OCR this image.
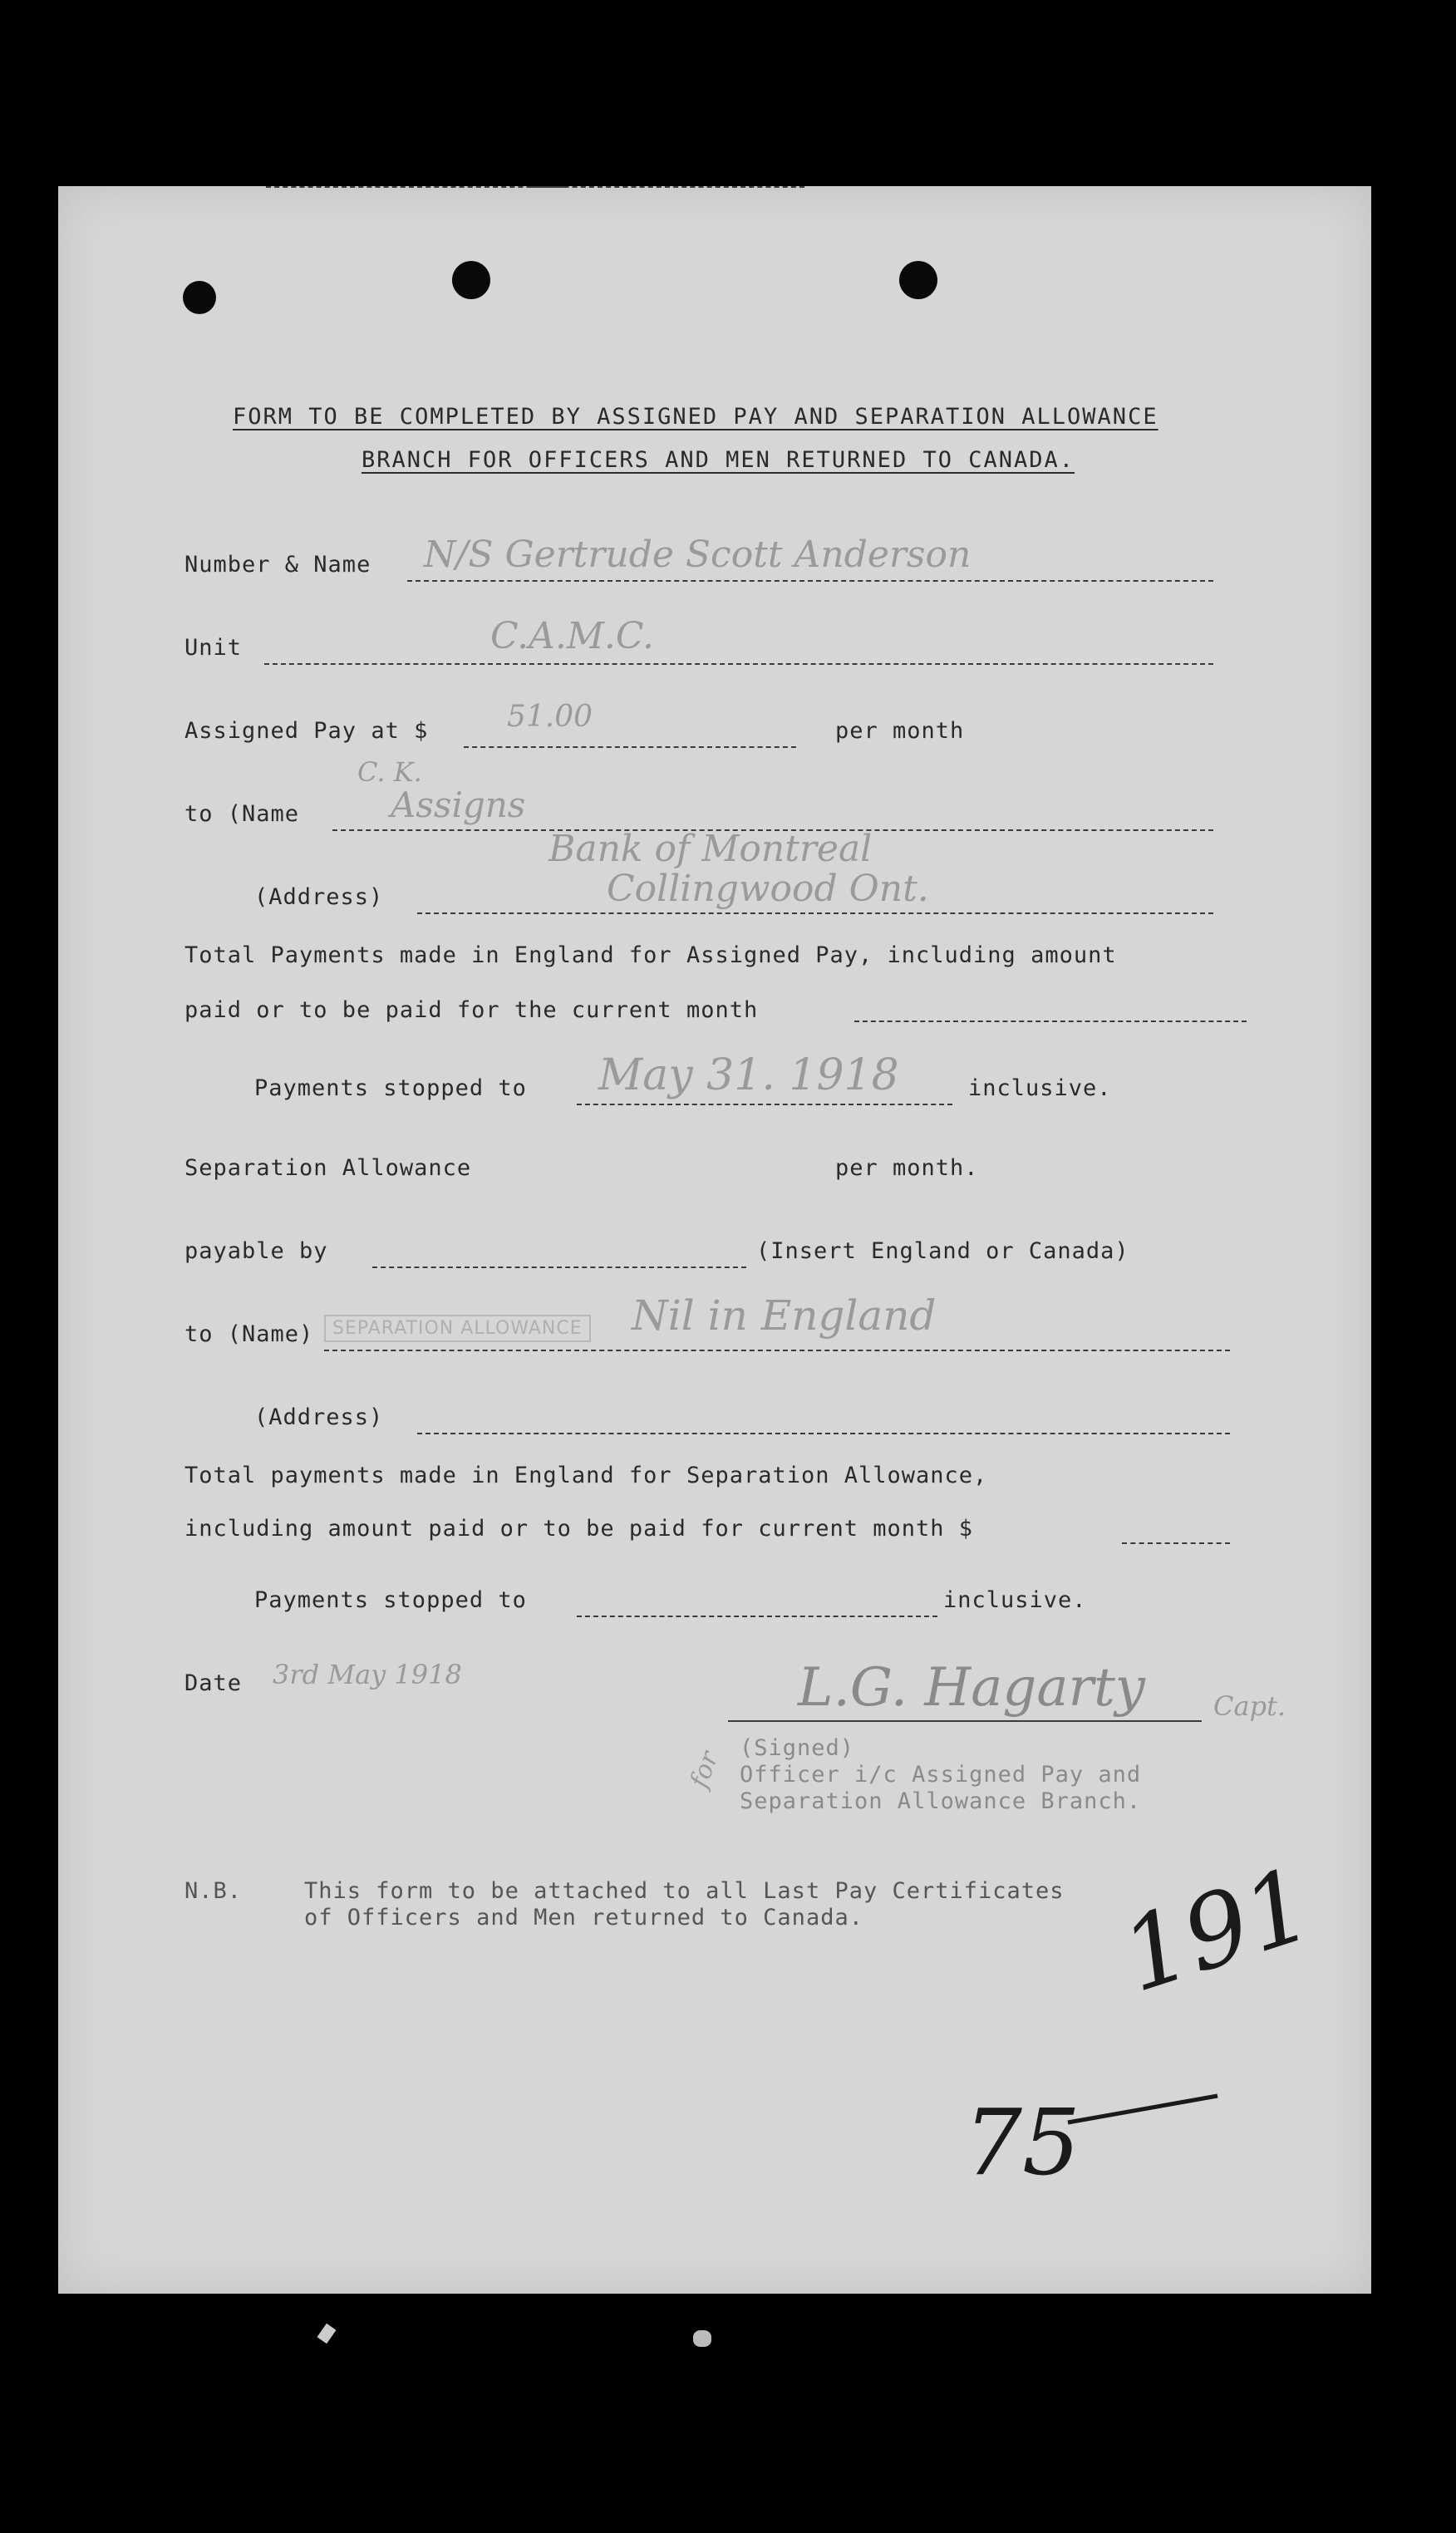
FORM TO BE COMPLETED BY ASSIGNED PAY AND SEPARATION ALLOWANCE
BRANCH FOR OFFICERS AND MEN RETURNED TO CANADA.
Number & Name N/S Gertrude Scott Anderson
Unit	C.A.M.C.
Assigned Pay at $	51.00	per month
C. K.
to (Name	Assigns
Bank of Montreal
(Address)	Collingwood Ont.
Total Payments made in England for Assigned Pay, including amount
paid or to be paid for the current month
Payments stopped to May 31. 1918	inclusive.
Separation Allowance	per month.
payable by	(Insert England or Canada)
to (Name)	SEPARATION ALLOWANCE Nil in England
(Address)
Total payments made in England for Separation Allowance,
including amount paid or to be paid for current month $
Payments stopped to	inclusive.
Date 3rd May 1918
for
L.G. Hagarty	Capt.
(Signed)
Officer i/c Assigned Pay and
Separation Allowance Branch.
N.B.	This form to be attached to all Last Pay Certificates
of Officers and Men returned to Canada. 191
75
